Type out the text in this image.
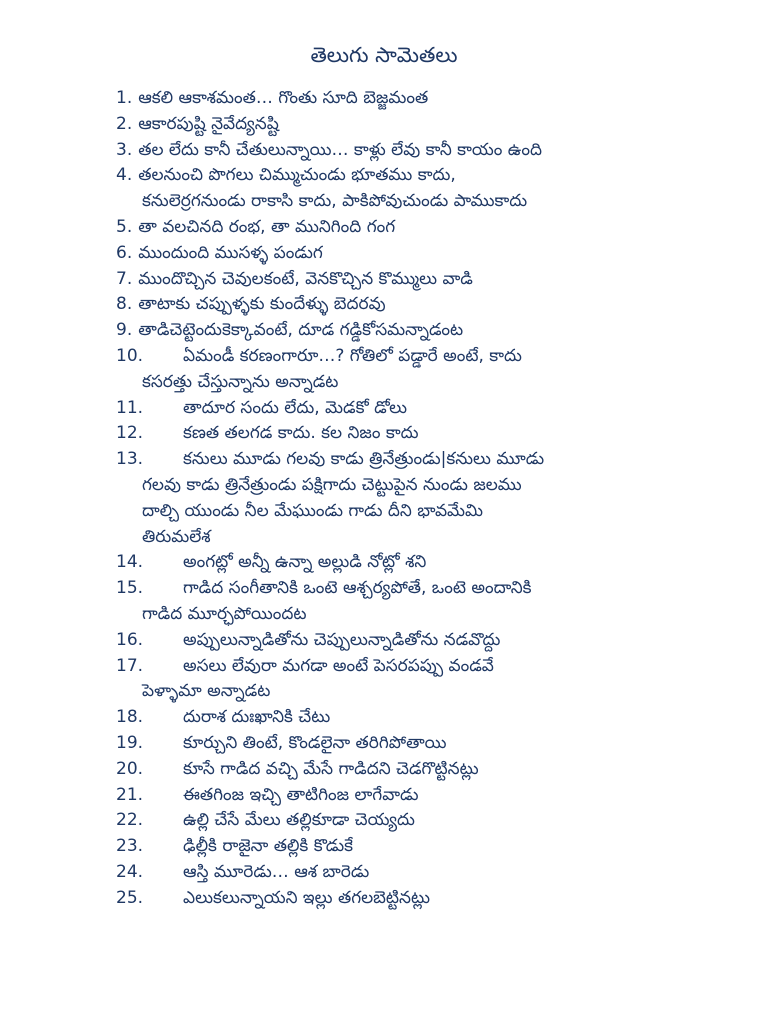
తెలుగు సామెతలు
1. ఆకలి ఆకాశమంత… గొంతు సూది బెజ్జమంత
2. ఆకారపుష్టి నైవేద్యనష్టి
3. తల లేదు కానీ చేతులున్నాయి… కాళ్లు లేవు కానీ కాయం ఉంది
4. తలనుంచి పొగలు చిమ్ముచుండు భూతము కాదు,
కనులెర్రగనుండు రాకాసి కాదు, పాకిపోవుచుండు పాముకాదు
5. తా వలచినది రంభ, తా మునిగింది గంగ
6. ముందుంది ముసళ్ళ పండుగ
7. ముందొచ్చిన చెవులకంటే, వెనకొచ్చిన కొమ్ములు వాడి
8. తాటాకు చప్పుళ్ళకు కుందేళ్ళు బెదరవు
9. తాడిచెట్టెందుకెక్కావంటే, దూడ గడ్డికోసమన్నాడంట
10. ఏమండీ కరణంగారూ…? గోతిలో పడ్డారే అంటే, కాదు
కసరత్తు చేస్తున్నాను అన్నాడట
11. తాదూర సందు లేదు, మెడకో డోలు
12. కణత తలగడ కాదు. కల నిజం కాదు
13. కనులు మూడు గలవు కాడు త్రినేత్రుండు|కనులు మూడు
గలవు కాడు త్రినేత్రుండు పక్షిగాదు చెట్టుపైన నుండు జలము
దాల్చి యుండు నీల మేఘుండు గాడు దీని భావమేమి
తిరుమలేశ
14. అంగట్లో అన్నీ ఉన్నా అల్లుడి నోట్లో శని
15. గాడిద సంగీతానికి ఒంటె ఆశ్చర్యపోతే, ఒంటె అందానికి
గాడిద మూర్ఛపోయిందట
16. అప్పులున్నాడితోను చెప్పులున్నాడితోను నడవొద్దు
17. అసలు లేవురా మగడా అంటే పెసరపప్పు వండవే
పెళ్ళామా అన్నాడట
18. దురాశ దుఃఖానికి చేటు
19. కూర్చుని తింటే, కొండలైనా తరిగిపోతాయి
20. కూసే గాడిద వచ్చి మేసే గాడిదని చెడగొట్టినట్లు
21. ఈతగింజ ఇచ్చి తాటిగింజ లాగేవాడు
22. ఉల్లి చేసే మేలు తల్లికూడా చెయ్యదు
23. ఢిల్లీకి రాజైనా తల్లికి కొడుకే
24. ఆస్తి మూరెడు… ఆశ బారెడు
25. ఎలుకలున్నాయని ఇల్లు తగలబెట్టినట్లు
